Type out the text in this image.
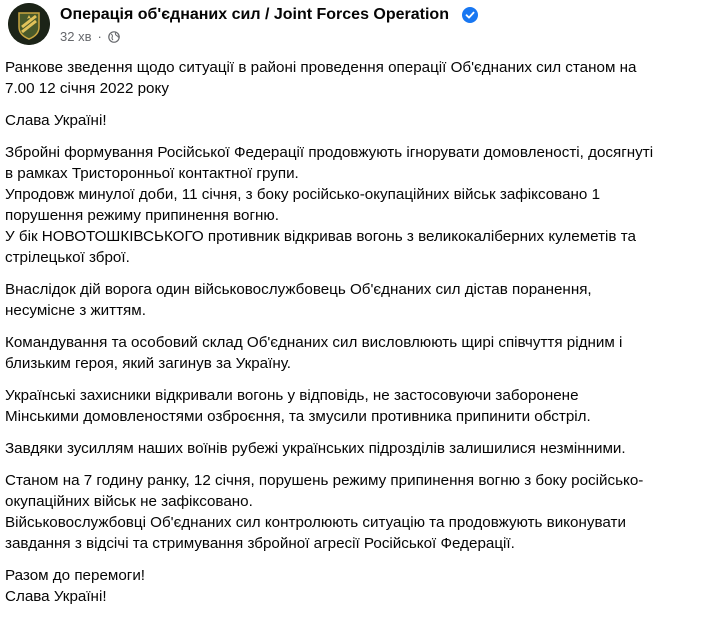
Операція об'єднаних сил / Joint Forces Operation
32 хв ·

Ранкове зведення щодо ситуації в районі проведення операції Об'єднаних сил станом на
7.00 12 січня 2022 року

Слава Україні!

Збройні формування Російської Федерації продовжують ігнорувати домовленості, досягнуті
в рамках Тристоронньої контактної групи.
Упродовж минулої доби, 11 січня, з боку російсько-окупаційних військ зафіксовано 1
порушення режиму припинення вогню.
У бік НОВОТОШКІВСЬКОГО противник відкривав вогонь з великокаліберних кулеметів та
стрілецької зброї.

Внаслідок дій ворога один військовослужбовець Об'єднаних сил дістав поранення,
несумісне з життям.

Командування та особовий склад Об'єднаних сил висловлюють щирі співчуття рідним і
близьким героя, який загинув за Україну.

Українські захисники відкривали вогонь у відповідь, не застосовуючи заборонене
Мінськими домовленостями озброєння, та змусили противника припинити обстріл.

Завдяки зусиллям наших воїнів рубежі українських підрозділів залишилися незмінними.

Станом на 7 годину ранку, 12 січня, порушень режиму припинення вогню з боку російсько-
окупаційних військ не зафіксовано.
Військовослужбовці Об'єднаних сил контролюють ситуацію та продовжують виконувати
завдання з відсічі та стримування збройної агресії Російської Федерації.

Разом до перемоги!
Слава Україні!
